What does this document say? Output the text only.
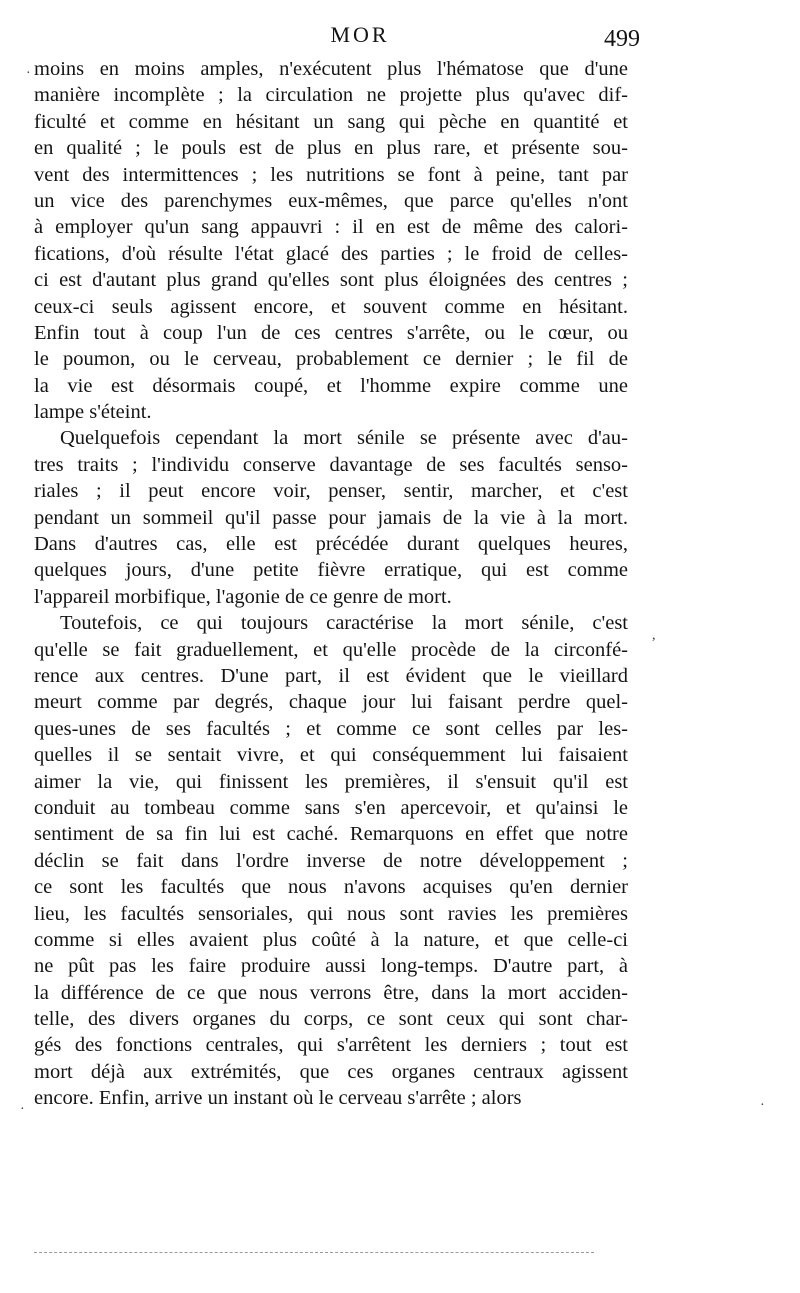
MOR	499
·
,
·
·
moins en moins amples, n'exécutent plus l'hématose que d'une
manière incomplète ; la circulation ne projette plus qu'avec dif-
ficulté et comme en hésitant un sang qui pèche en quantité et
en qualité ; le pouls est de plus en plus rare, et présente sou-
vent des intermittences ; les nutritions se font à peine, tant par
un vice des parenchymes eux-mêmes, que parce qu'elles n'ont
à employer qu'un sang appauvri : il en est de même des calori-
fications, d'où résulte l'état glacé des parties ; le froid de celles-
ci est d'autant plus grand qu'elles sont plus éloignées des centres ;
ceux-ci seuls agissent encore, et souvent comme en hésitant.
Enfin tout à coup l'un de ces centres s'arrête, ou le cœur, ou
le poumon, ou le cerveau, probablement ce dernier ; le fil de
la vie est désormais coupé, et l'homme expire comme une
lampe s'éteint.
Quelquefois cependant la mort sénile se présente avec d'au-
tres traits ; l'individu conserve davantage de ses facultés senso-
riales ; il peut encore voir, penser, sentir, marcher, et c'est
pendant un sommeil qu'il passe pour jamais de la vie à la mort.
Dans d'autres cas, elle est précédée durant quelques heures,
quelques jours, d'une petite fièvre erratique, qui est comme
l'appareil morbifique, l'agonie de ce genre de mort.
Toutefois, ce qui toujours caractérise la mort sénile, c'est
qu'elle se fait graduellement, et qu'elle procède de la circonfé-
rence aux centres. D'une part, il est évident que le vieillard
meurt comme par degrés, chaque jour lui faisant perdre quel-
ques-unes de ses facultés ; et comme ce sont celles par les-
quelles il se sentait vivre, et qui conséquemment lui faisaient
aimer la vie, qui finissent les premières, il s'ensuit qu'il est
conduit au tombeau comme sans s'en apercevoir, et qu'ainsi le
sentiment de sa fin lui est caché. Remarquons en effet que notre
déclin se fait dans l'ordre inverse de notre développement ;
ce sont les facultés que nous n'avons acquises qu'en dernier
lieu, les facultés sensoriales, qui nous sont ravies les premières
comme si elles avaient plus coûté à la nature, et que celle-ci
ne pût pas les faire produire aussi long-temps. D'autre part, à
la différence de ce que nous verrons être, dans la mort acciden-
telle, des divers organes du corps, ce sont ceux qui sont char-
gés des fonctions centrales, qui s'arrêtent les derniers ; tout est
mort déjà aux extrémités, que ces organes centraux agissent
encore. Enfin, arrive un instant où le cerveau s'arrête ; alors
